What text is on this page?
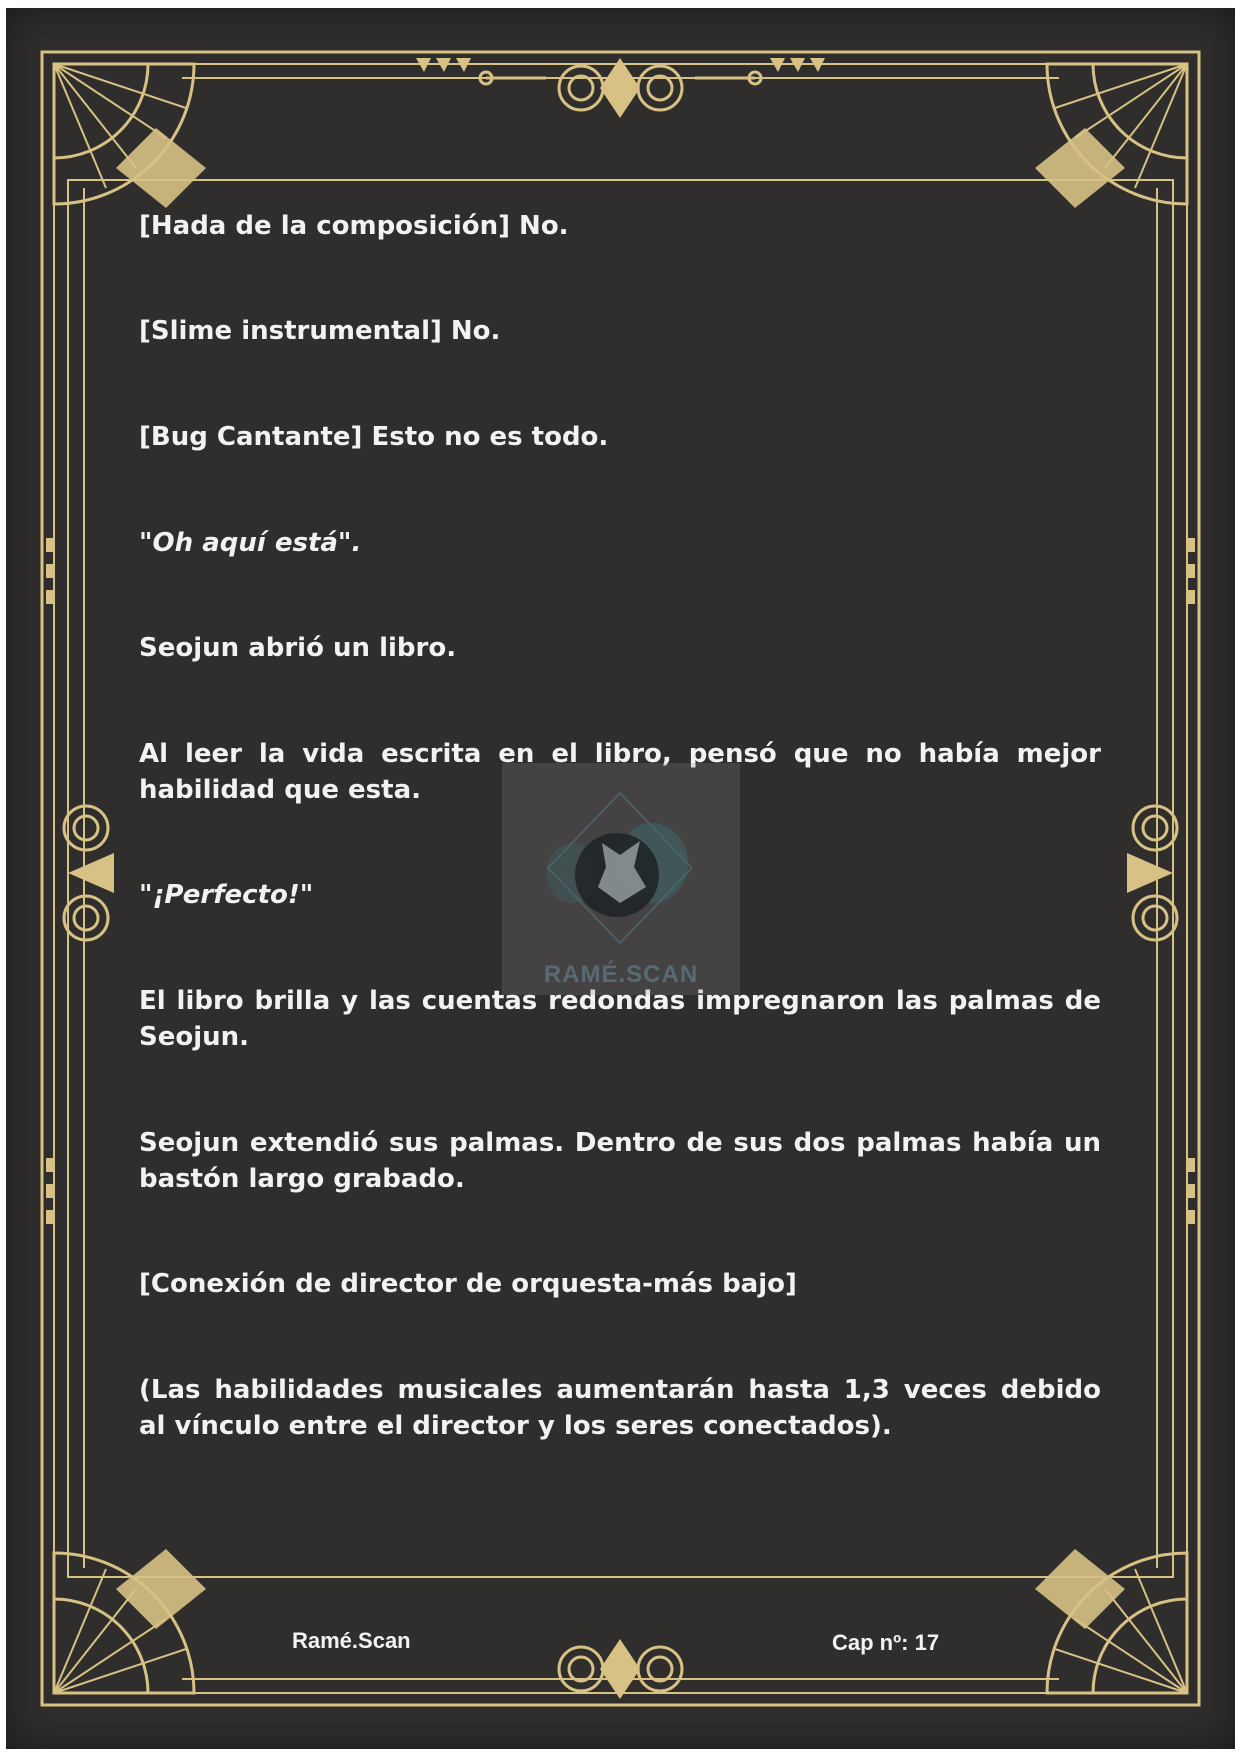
[Hada de la composición] No.

[Slime instrumental] No.

[Bug Cantante] Esto no es todo.

"Oh aquí está".

Seojun abrió un libro.

Al leer la vida escrita en el libro, pensó que no había mejor habilidad que esta.

"¡Perfecto!"

El libro brilla y las cuentas redondas impregnaron las palmas de Seojun.

Seojun extendió sus palmas. Dentro de sus dos palmas había un bastón largo grabado.

[Conexión de director de orquesta-más bajo]

(Las habilidades musicales aumentarán hasta 1,3 veces debido al vínculo entre el director y los seres conectados).

RAMÉ.SCAN
Ramé.Scan	Cap nº: 17
